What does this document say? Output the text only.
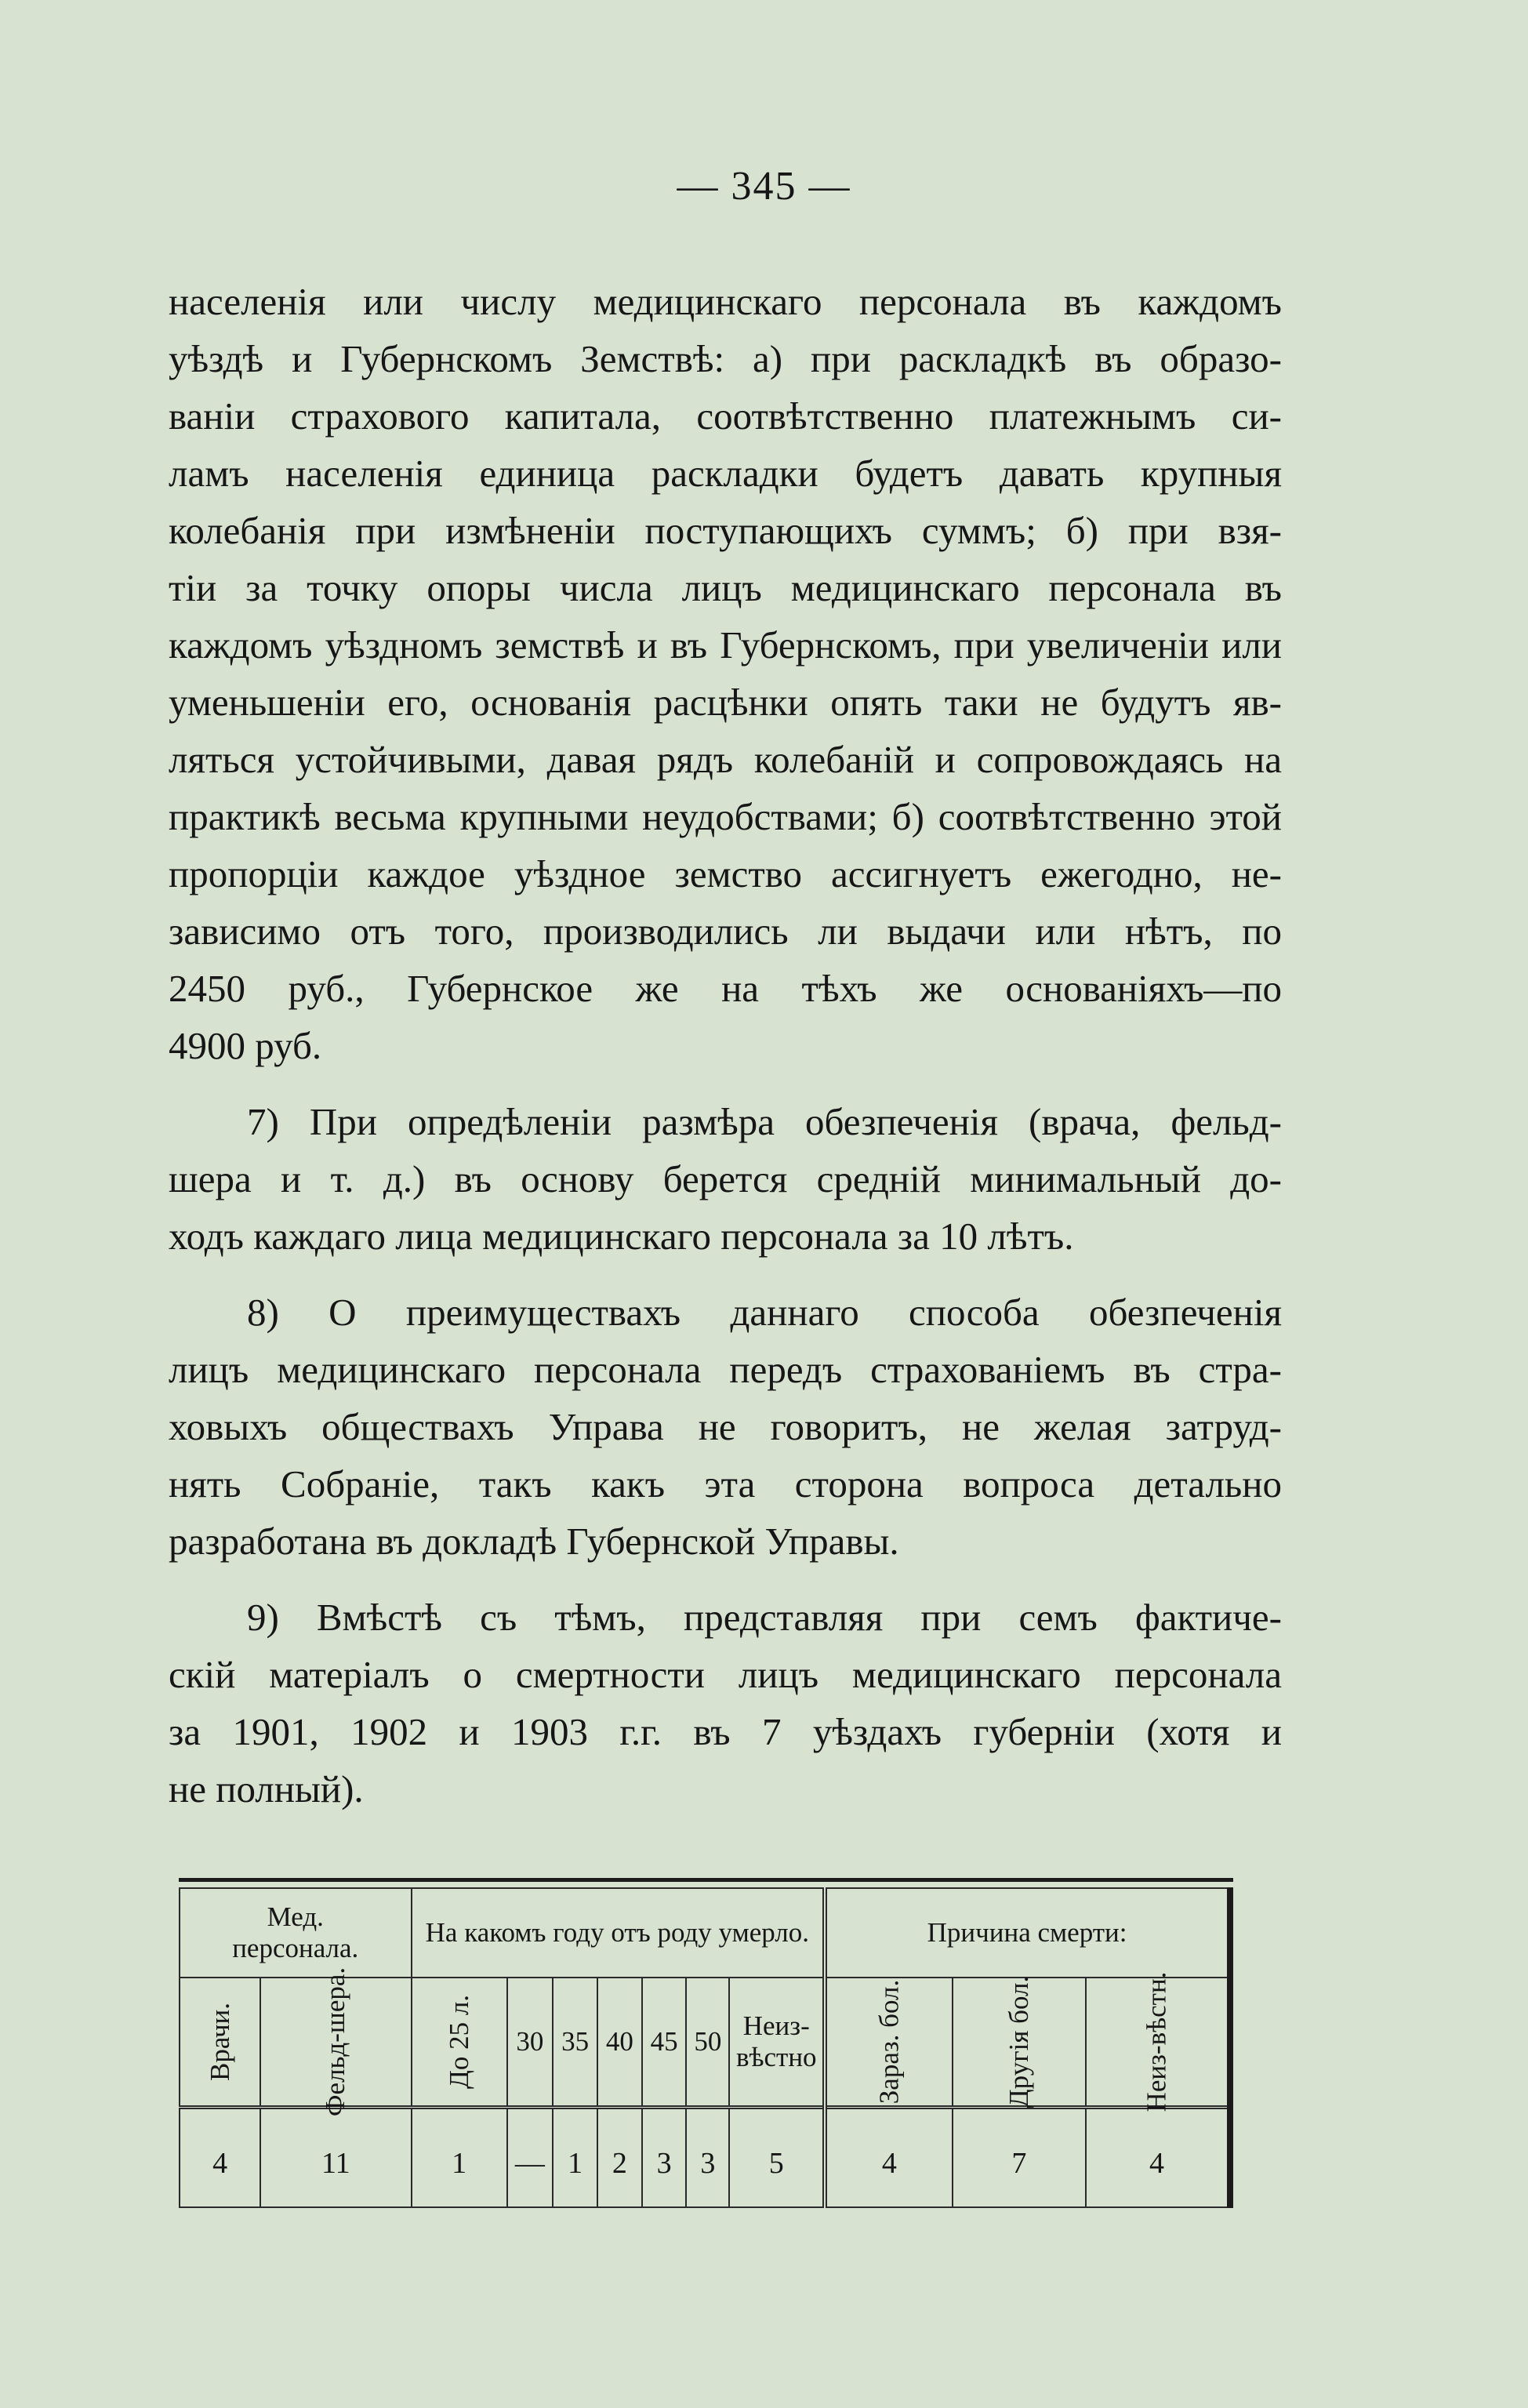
— 345 —
населенія или числу медицинскаго персонала въ каждомъ
уѣздѣ и Губернскомъ Земствѣ: а) при раскладкѣ въ образо-
ваніи страхового капитала, соотвѣтственно платежнымъ си-
ламъ населенія единица раскладки будетъ давать крупныя
колебанія при измѣненіи поступающихъ суммъ; б) при взя-
тіи за точку опоры числа лицъ медицинскаго персонала въ
каждомъ уѣздномъ земствѣ и въ Губернскомъ, при увеличеніи или
уменьшеніи его, основанія расцѣнки опять таки не будутъ яв-
ляться устойчивыми, давая рядъ колебаній и сопровождаясь на
практикѣ весьма крупными неудобствами; б) соотвѣтственно этой
пропорціи каждое уѣздное земство ассигнуетъ ежегодно, не-
зависимо отъ того, производились ли выдачи или нѣтъ, по
2450 руб., Губернское же на тѣхъ же основаніяхъ—по
4900 руб.
7) При опредѣленіи размѣра обезпеченія (врача, фельд-
шера и т. д.) въ основу берется средній минимальный до-
ходъ каждаго лица медицинскаго персонала за 10 лѣтъ.
8) О преимуществахъ даннаго способа обезпеченія
лицъ медицинскаго персонала передъ страхованіемъ въ стра-
ховыхъ обществахъ Управа не говоритъ, не желая затруд-
нять Собраніе, такъ какъ эта сторона вопроса детально
разработана въ докладѣ Губернской Управы.
9) Вмѣстѣ съ тѣмъ, представляя при семъ фактиче-
скій матеріалъ о смертности лицъ медицинскаго персонала
за 1901, 1902 и 1903 г.г. въ 7 уѣздахъ губерніи (хотя и
не полный).
Мед. персонала.		На какомъ году отъ роду умерло.							Причина смерти:		
Врачи.	Фельд-шера.	До 25 л.	30	35	40	45	50	Неиз-вѣстно	Зараз. бол.	Другія бол.	Неиз-вѣстн.
4	11	1	—	1	2	3	3	5	4	7	4
